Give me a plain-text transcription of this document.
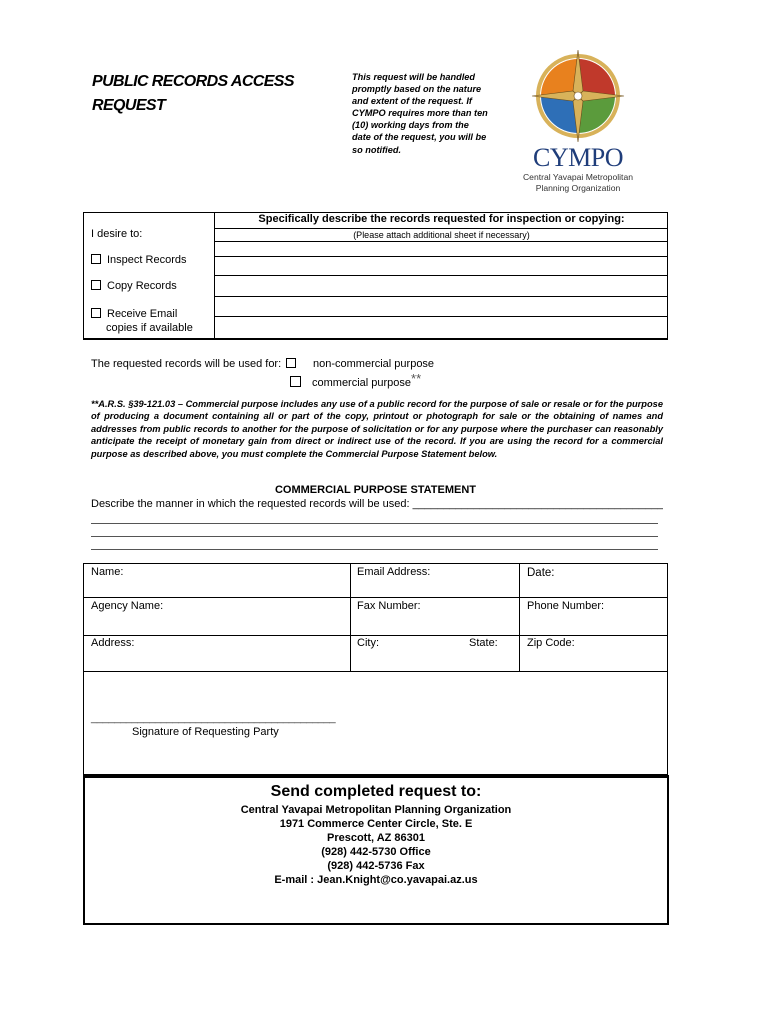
PUBLIC RECORDS ACCESS
REQUEST
This request will be handled
promptly based on the nature
and extent of the request. If
CYMPO requires more than ten
(10) working days from the
date of the request, you will be
so notified.	CYMPO
Central Yavapai Metropolitan
Planning Organization
I desire to:
Inspect Records
Copy Records
Receive Email
copies if available
Specifically describe the records requested for inspection or copying:
(Please attach additional sheet if necessary)
The requested records will be used for:	non-commercial purpose
commercial purpose**
**A.R.S. §39-121.03 – Commercial purpose includes any use of a public record for the purpose of sale or resale or for the purpose of producing a document containing all or part of the copy, printout or photograph for sale or the obtaining of names and addresses from public records to another for the purpose of solicitation or for any purpose where the purchaser can reasonably anticipate the receipt of monetary gain from direct or indirect use of the record. If you are using the record for a commercial purpose as described above, you must complete the Commercial Purpose Statement below.
COMMERCIAL PURPOSE STATEMENT
Describe the manner in which the requested records will be used: _________________________________________
Name:	Email Address:	Date:
Agency Name:	Fax Number:	Phone Number:
Address:	City:	State:	Zip Code:
__________________________________________
Signature of Requesting Party
Send completed request to:
Central Yavapai Metropolitan Planning Organization
1971 Commerce Center Circle, Ste. E
Prescott, AZ 86301
(928) 442-5730 Office
(928) 442-5736 Fax
E-mail : Jean.Knight@co.yavapai.az.us
